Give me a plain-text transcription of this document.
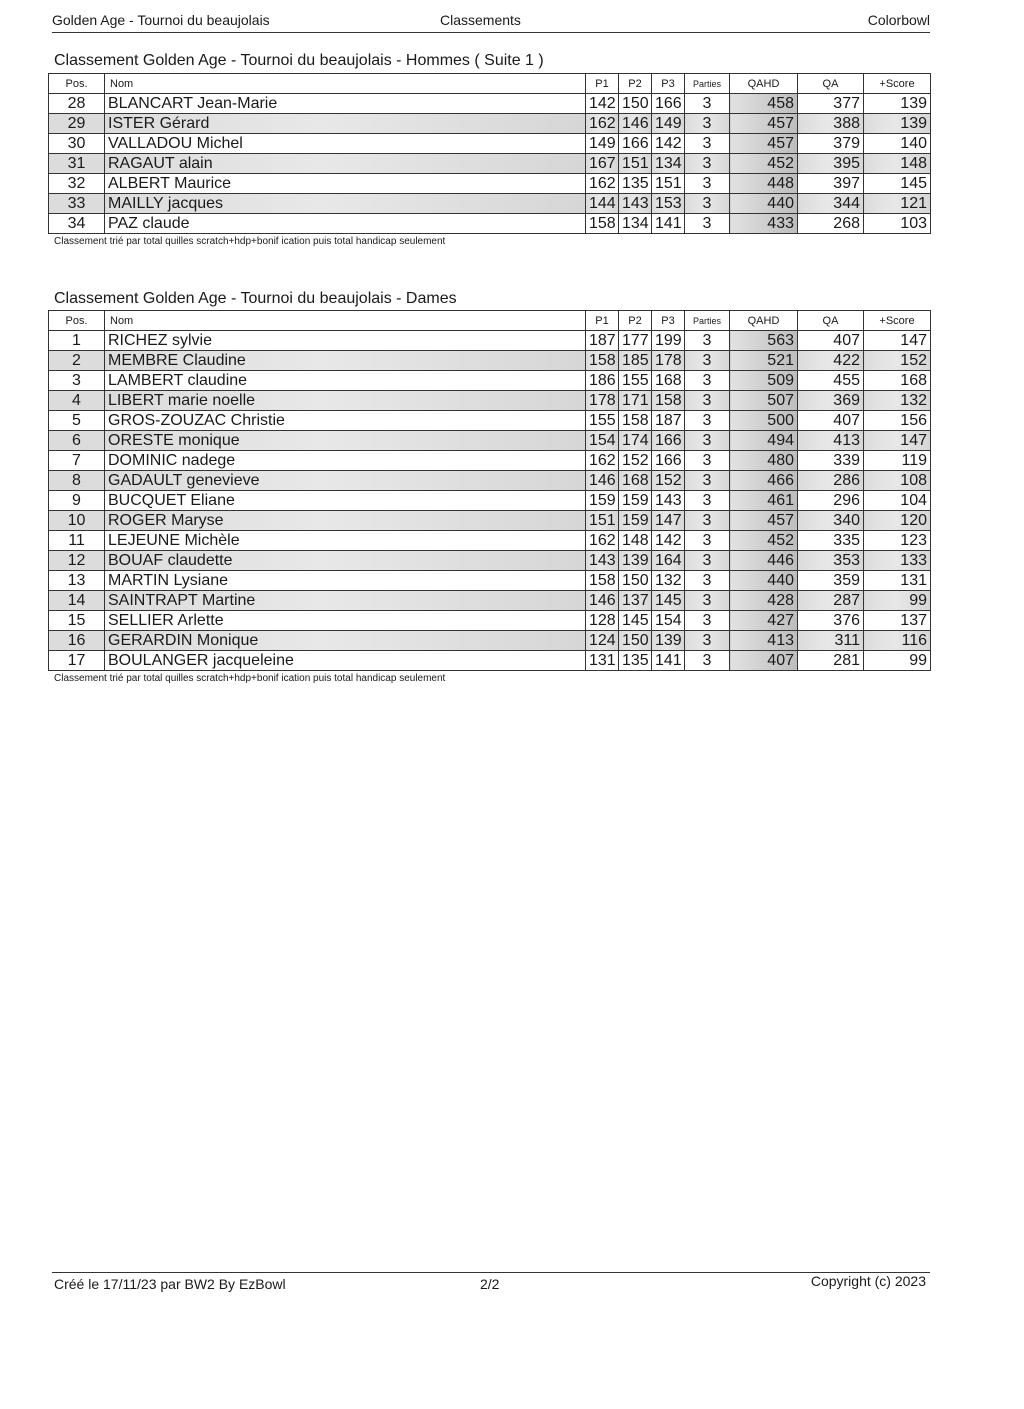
Golden Age - Tournoi du beaujolais	Classements	Colorbowl
Classement Golden Age - Tournoi du beaujolais - Hommes ( Suite 1 )
Pos.	Nom	P1	P2	P3	Parties	QAHD	QA	+Score
28	BLANCART Jean-Marie	142	150	166	3	458	377	139
29	ISTER Gérard	162	146	149	3	457	388	139
30	VALLADOU Michel	149	166	142	3	457	379	140
31	RAGAUT alain	167	151	134	3	452	395	148
32	ALBERT Maurice	162	135	151	3	448	397	145
33	MAILLY jacques	144	143	153	3	440	344	121
34	PAZ claude	158	134	141	3	433	268	103
Classement trié par total quilles scratch+hdp+bonif ication puis total handicap seulement
Classement Golden Age - Tournoi du beaujolais - Dames
Pos.	Nom	P1	P2	P3	Parties	QAHD	QA	+Score
1	RICHEZ sylvie	187	177	199	3	563	407	147
2	MEMBRE Claudine	158	185	178	3	521	422	152
3	LAMBERT claudine	186	155	168	3	509	455	168
4	LIBERT marie noelle	178	171	158	3	507	369	132
5	GROS-ZOUZAC Christie	155	158	187	3	500	407	156
6	ORESTE monique	154	174	166	3	494	413	147
7	DOMINIC nadege	162	152	166	3	480	339	119
8	GADAULT genevieve	146	168	152	3	466	286	108
9	BUCQUET Eliane	159	159	143	3	461	296	104
10	ROGER Maryse	151	159	147	3	457	340	120
11	LEJEUNE Michèle	162	148	142	3	452	335	123
12	BOUAF claudette	143	139	164	3	446	353	133
13	MARTIN Lysiane	158	150	132	3	440	359	131
14	SAINTRAPT Martine	146	137	145	3	428	287	99
15	SELLIER Arlette	128	145	154	3	427	376	137
16	GERARDIN Monique	124	150	139	3	413	311	116
17	BOULANGER jacqueleine	131	135	141	3	407	281	99
Classement trié par total quilles scratch+hdp+bonif ication puis total handicap seulement
Créé le 17/11/23 par BW2 By EzBowl	2/2	Copyright (c) 2023
